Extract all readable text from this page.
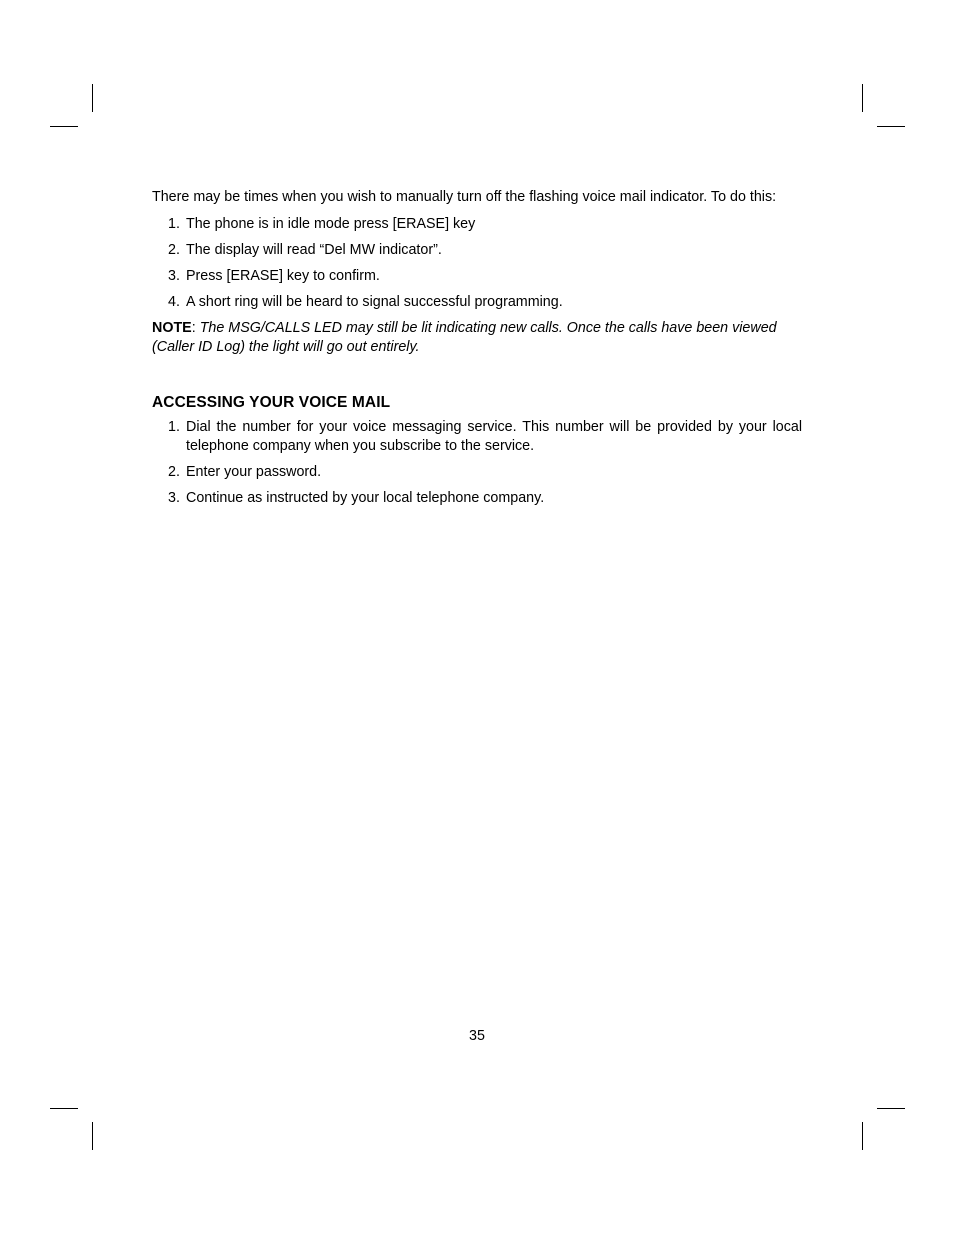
There may be times when you wish to manually turn off the flashing voice mail indicator. To do this:

1. The phone is in idle mode press [ERASE] key
2. The display will read “Del MW indicator”.
3. Press [ERASE] key to confirm.
4. A short ring will be heard to signal successful programming.

NOTE: The MSG/CALLS LED may still be lit indicating new calls. Once the calls have been viewed (Caller ID Log) the light will go out entirely.

ACCESSING YOUR VOICE MAIL
1. Dial the number for your voice messaging service. This number will be provided by your local telephone company when you subscribe to the service.
2. Enter your password.
3. Continue as instructed by your local telephone company.
35
